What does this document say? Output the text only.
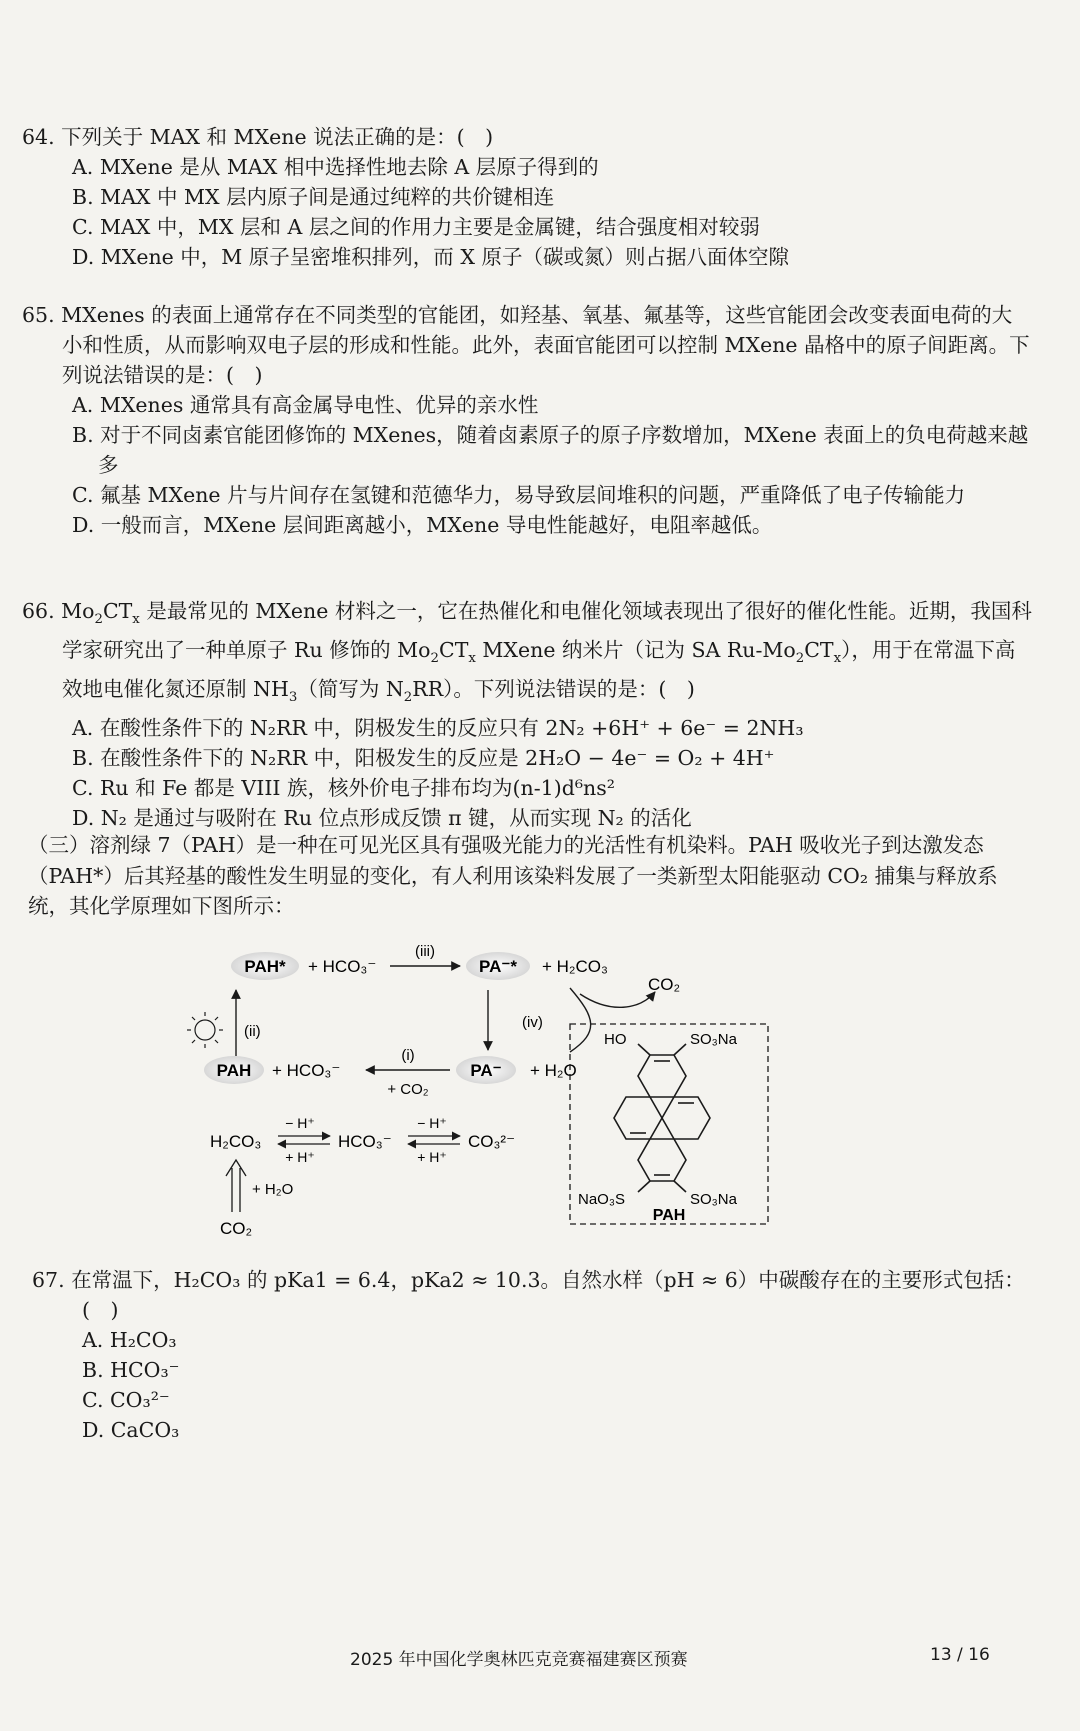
64. 下列关于 MAX 和 MXene 说法正确的是：(　)

A. MXene 是从 MAX 相中选择性地去除 A 层原子得到的

B. MAX 中 MX 层内原子间是通过纯粹的共价键相连

C. MAX 中，MX 层和 A 层之间的作用力主要是金属键，结合强度相对较弱

D. MXene 中，M 原子呈密堆积排列，而 X 原子（碳或氮）则占据八面体空隙

65. MXenes 的表面上通常存在不同类型的官能团，如羟基、氧基、氟基等，这些官能团会改变表面电荷的大小和性质，从而影响双电子层的形成和性能。此外，表面官能团可以控制 MXene 晶格中的原子间距离。下列说法错误的是：(　)

A. MXenes 通常具有高金属导电性、优异的亲水性

B. 对于不同卤素官能团修饰的 MXenes，随着卤素原子的原子序数增加，MXene 表面上的负电荷越来越多

C. 氟基 MXene 片与片间存在氢键和范德华力，易导致层间堆积的问题，严重降低了电子传输能力

D. 一般而言，MXene 层间距离越小，MXene 导电性能越好，电阻率越低。

66. $Mo_2CT_x$ 是最常见的 MXene 材料之一，它在热催化和电催化领域表现出了很好的催化性能。近期，我国科学家研究出了一种单原子 Ru 修饰的 $Mo_2CT_x$ MXene 纳米片（记为 SA $Ru-Mo_2CT_x$），用于在常温下高效地电催化氮还原制 $NH_3$（简写为 $N_2RR$）。下列说法错误的是：(　)

A. 在酸性条件下的 N₂RR 中，阴极发生的反应只有 2N₂ +6H⁺ + 6e⁻ = 2NH₃

B. 在酸性条件下的 N₂RR 中，阳极发生的反应是 2H₂O − 4e⁻ = O₂ + 4H⁺

C. Ru 和 Fe 都是 VIII 族，核外价电子排布均为(n-1)d⁶ns²

D. N₂ 是通过与吸附在 Ru 位点形成反馈 π 键，从而实现 N₂ 的活化

（三）溶剂绿 7（PAH）是一种在可见光区具有强吸光能力的光活性有机染料。PAH 吸收光子到达激发态（PAH*）后其羟基的酸性发生明显的变化，有人利用该染料发展了一类新型太阳能驱动 CO₂ 捕集与释放系统，其化学原理如下图所示：

PAH* + HCO₃⁻
(iii)
PA⁻* + H₂CO₃
CO₂
(ii)
(iv)
PAH + HCO₃⁻
(i)
+ CO₂
PA⁻ + H₂O
H₂CO₃
− H⁺
+ H⁺
HCO₃⁻
− H⁺
+ H⁺
CO₃²⁻
+ H₂O
CO₂
HO	SO₃Na
NaO₃S	SO₃Na
PAH

67. 在常温下，H₂CO₃ 的 pKa1 = 6.4，pKa2 ≈ 10.3。自然水样（pH ≈ 6）中碳酸存在的主要形式包括：

(　)

A. H₂CO₃

B. HCO₃⁻

C. CO₃²⁻

D. CaCO₃

2025 年中国化学奥林匹克竞赛福建赛区预赛	13 / 16
